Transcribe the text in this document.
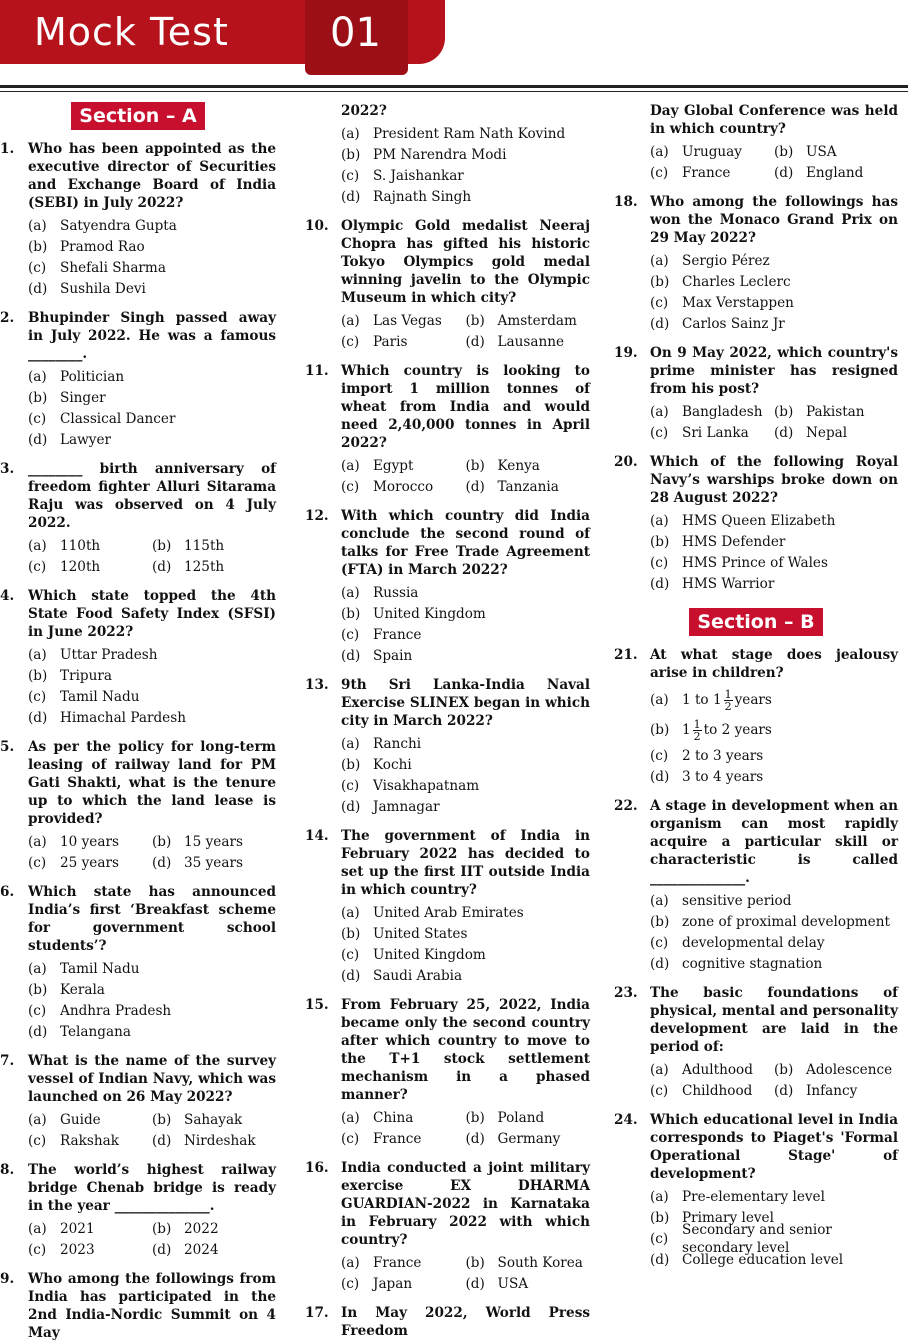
Mock Test	01
Section – A
1.	Who has been appointed as the executive director of Securities and Exchange Board of India (SEBI) in July 2022?
(a) Satyendra Gupta
(b) Pramod Rao
(c)	Shefali Sharma
(d) Sushila Devi
2.	Bhupinder Singh passed away in July 2022. He was a famous ________.
(a) Politician
(b) Singer
(c)	Classical Dancer
(d) Lawyer
3.	________ birth anniversary of freedom fighter Alluri Sitarama Raju was observed on 4 July 2022.
(a) 110th	(b) 115th
(c)	120th	(d) 125th
4.	Which state topped the 4th State Food Safety Index (SFSI) in June 2022?
(a) Uttar Pradesh
(b) Tripura
(c)	Tamil Nadu
(d) Himachal Pardesh
5.	As per the policy for long-term leasing of railway land for PM Gati Shakti, what is the tenure up to which the land lease is provided?
(a) 10 years (b) 15 years
(c)	25 years (d) 35 years
6.	Which state has announced India’s first ‘Breakfast scheme for government school students’?
(a) Tamil Nadu
(b) Kerala
(c)	Andhra Pradesh
(d) Telangana
7.	What is the name of the survey vessel of Indian Navy, which was launched on 26 May 2022?
(a) Guide	(b) Sahayak
(c)	Rakshak (d) Nirdeshak
8.	The world’s highest railway bridge Chenab bridge is ready in the year ______________.
(a) 2021	(b) 2022
(c)	2023	(d) 2024
9.	Who among the followings from India has participated in the 2nd India-Nordic Summit on 4 May
2022?
(a) President Ram Nath Kovind
(b) PM Narendra Modi
(c)	S. Jaishankar
(d) Rajnath Singh
10. Olympic Gold medalist Neeraj Chopra has gifted his historic Tokyo Olympics gold medal winning javelin to the Olympic Museum in which city?
(a) Las Vegas (b) Amsterdam
(c)	Paris	(d) Lausanne
11. Which country is looking to import 1 million tonnes of wheat from India and would need 2,40,000 tonnes in April 2022?
(a) Egypt	(b) Kenya
(c)	Morocco (d) Tanzania
12. With which country did India conclude the second round of talks for Free Trade Agreement (FTA) in March 2022?
(a) Russia
(b) United Kingdom
(c)	France
(d) Spain
13. 9th Sri Lanka-India Naval Exercise SLINEX began in which city in March 2022?
(a) Ranchi
(b) Kochi
(c)	Visakhapatnam
(d) Jamnagar
14. The government of India in February 2022 has decided to set up the first IIT outside India in which country?
(a) United Arab Emirates
(b) United States
(c)	United Kingdom
(d) Saudi Arabia
15. From February 25, 2022, India became only the second country after which country to move to the T+1 stock settlement mechanism in a phased manner?
(a) China	(b) Poland
(c)	France	(d) Germany
16. India conducted a joint military exercise EX DHARMA GUARDIAN-2022 in Karnataka in February 2022 with which country?
(a) France	(b) South Korea
(c)	Japan	(d) USA
17. In May 2022, World Press Freedom
Day Global Conference was held in which country?
(a) Uruguay (b) USA
(c)	France	(d) England
18. Who among the followings has won the Monaco Grand Prix on 29 May 2022?
(a) Sergio Pérez
(b) Charles Leclerc
(c)	Max Verstappen
(d) Carlos Sainz Jr
19. On 9 May 2022, which country's prime minister has resigned from his post?
(a) Bangladesh (b) Pakistan
(c)	Sri Lanka (d) Nepal
20. Which of the following Royal Navy’s warships broke down on 28 August 2022?
(a) HMS Queen Elizabeth
(b) HMS Defender
(c)	HMS Prince of Wales
(d) HMS Warrior
Section – B
21. At what stage does jealousy arise in children?
(a) 1 to $1 \frac{1}{2}$ years
(b) $1 \frac{1}{2}$ to 2 years
(c)	2 to 3 years
(d) 3 to 4 years
22. A stage in development when an organism can most rapidly acquire a particular skill or characteristic is called ______________.
(a) sensitive period
(b) zone of proximal development
(c)	developmental delay
(d) cognitive stagnation
23. The basic foundations of physical, mental and personality development are laid in the period of:
(a) Adulthood (b) Adolescence
(c)	Childhood (d) Infancy
24. Which educational level in India corresponds to Piaget's 'Formal Operational Stage' of development?
(a) Pre-elementary level
(b) Primary level
(c)
Secondary and senior secondary level
(d) College education level
